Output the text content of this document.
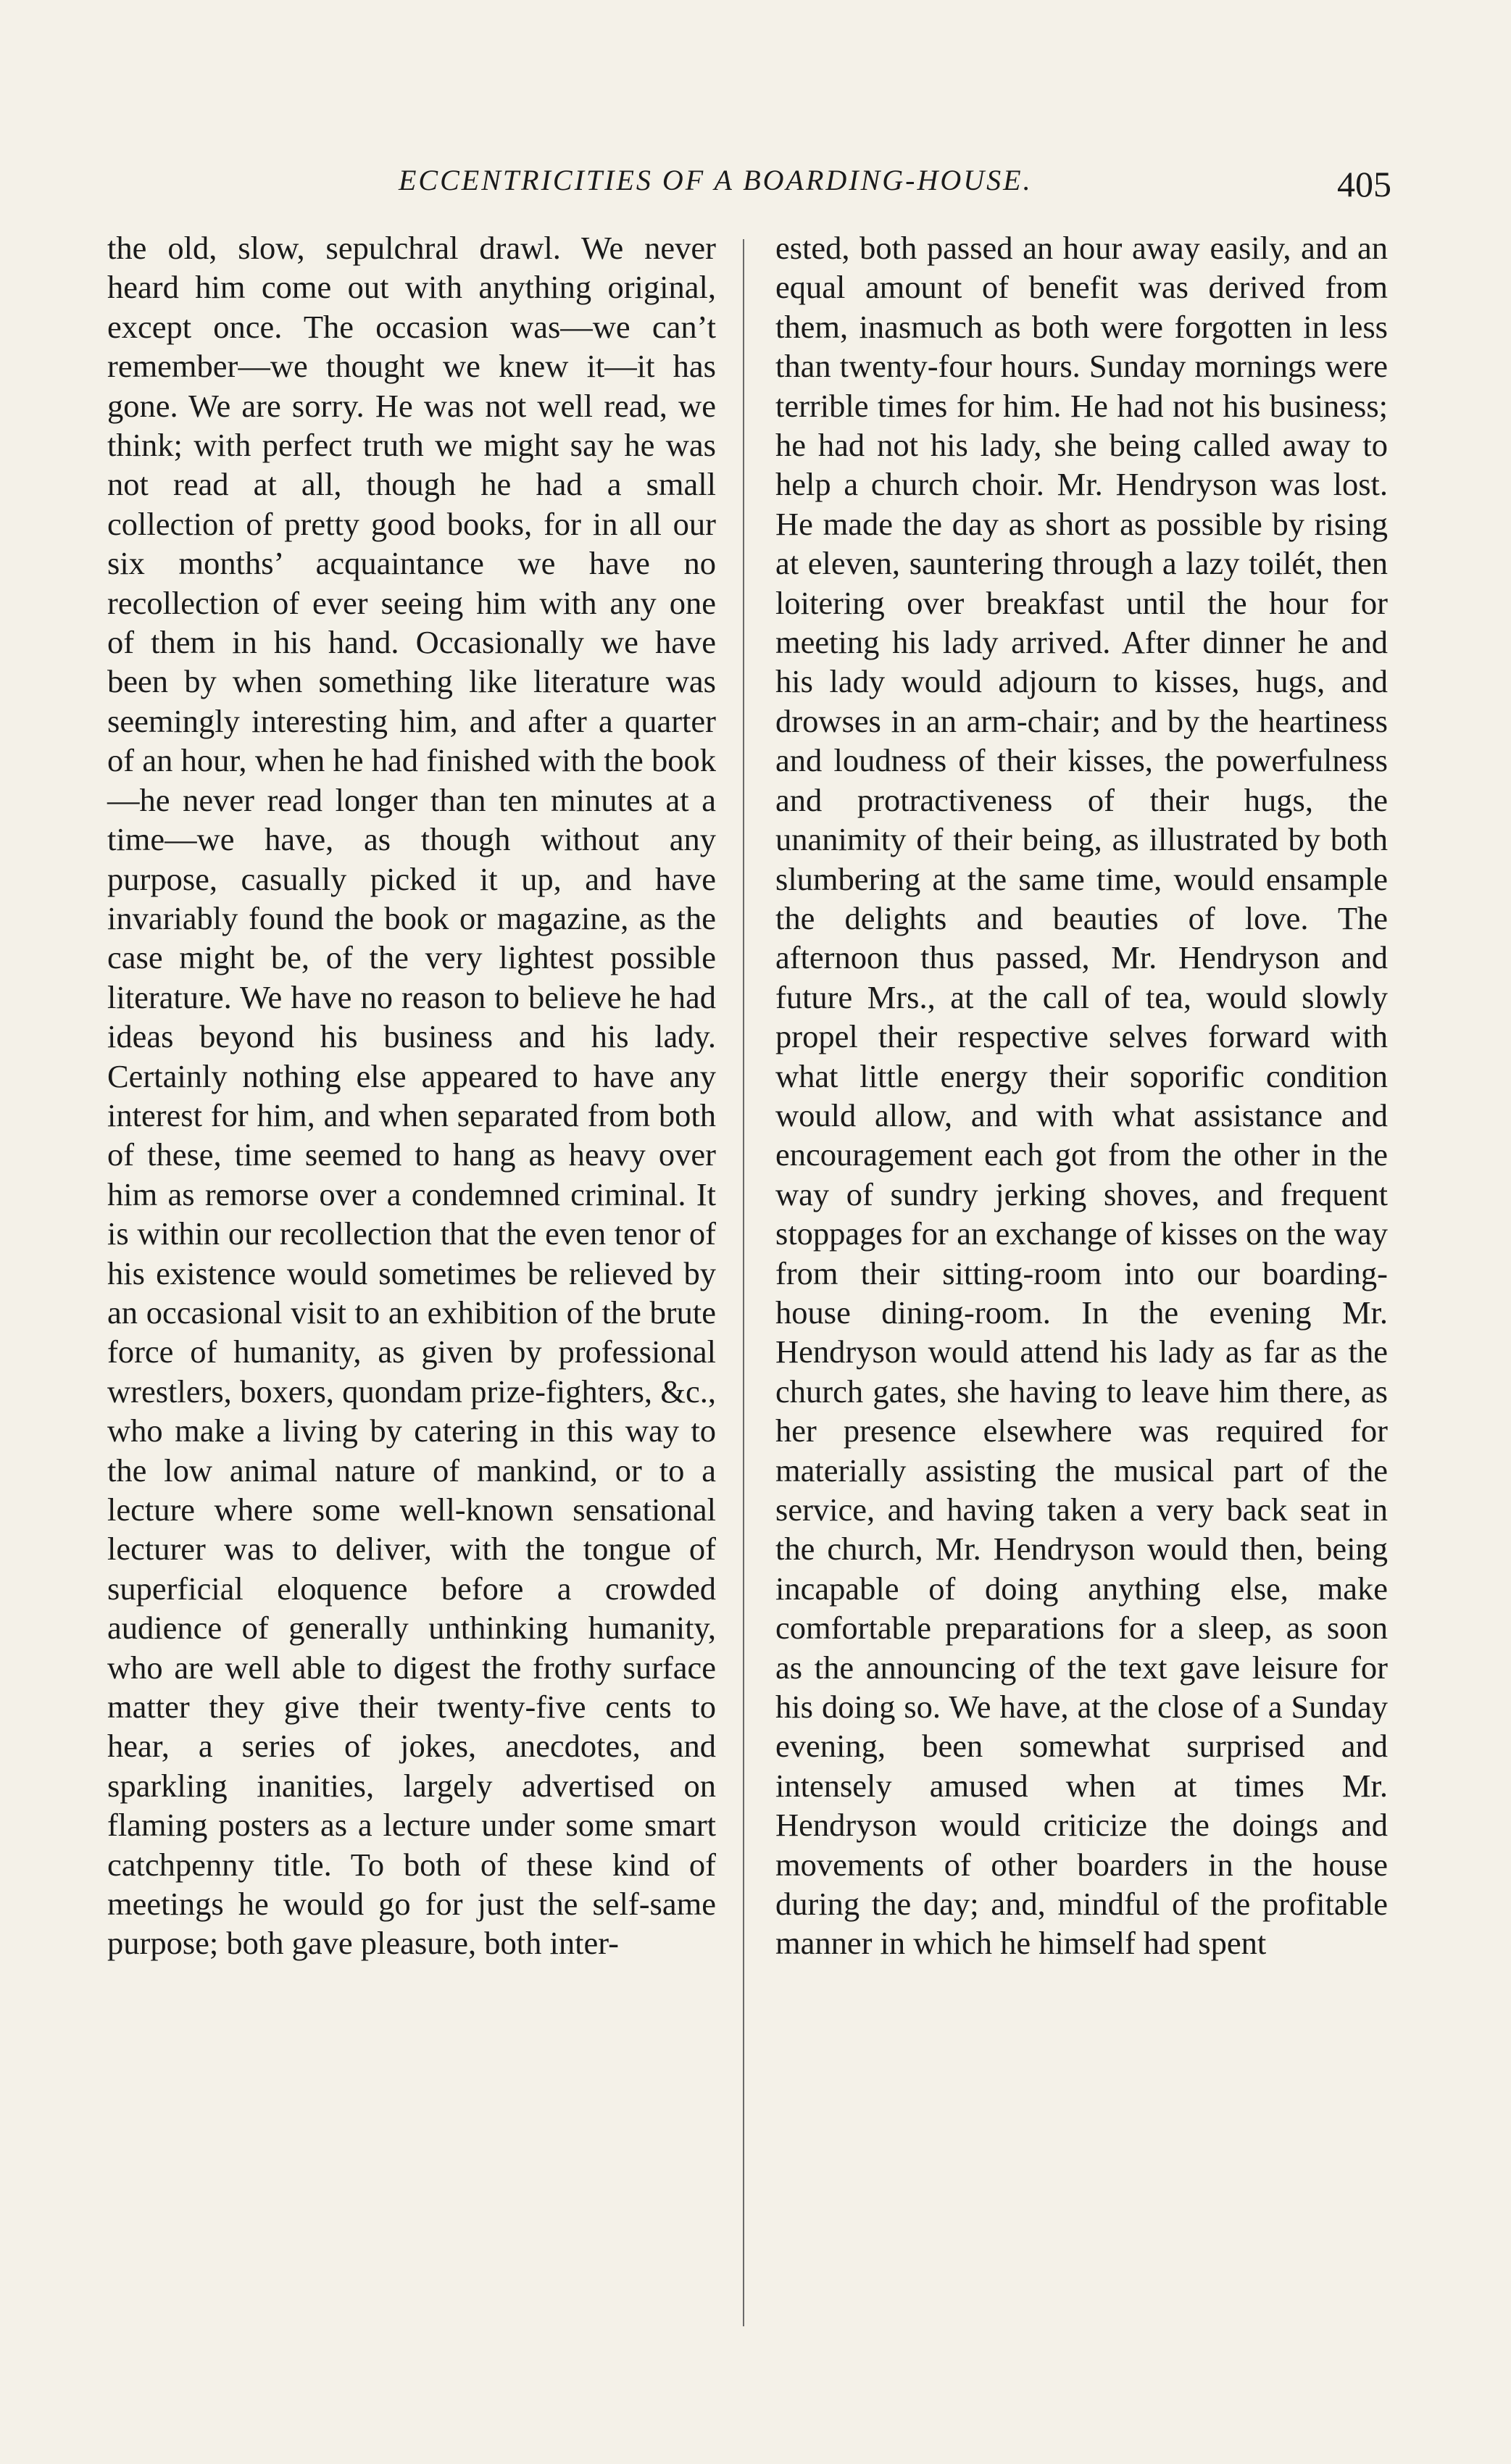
ECCENTRICITIES OF A BOARDING-HOUSE.	405

the old, slow, sepulchral drawl. We never heard him come out with anything original, except once. The occasion was—we can’t remember—we thought we knew it—it has gone. We are sorry. He was not well read, we think; with perfect truth we might say he was not read at all, though he had a small collection of pretty good books, for in all our six months’ acquaintance we have no recollection of ever seeing him with any one of them in his hand. Occasionally we have been by when something like literature was seemingly interesting him, and after a quarter of an hour, when he had finished with the book—he never read longer than ten minutes at a time—we have, as though without any purpose, casually picked it up, and have invariably found the book or magazine, as the case might be, of the very lightest possible literature. We have no reason to believe he had ideas beyond his business and his lady. Certainly nothing else appeared to have any interest for him, and when separated from both of these, time seemed to hang as heavy over him as remorse over a condemned criminal. It is within our recollection that the even tenor of his existence would sometimes be relieved by an occasional visit to an exhibition of the brute force of humanity, as given by professional wrestlers, boxers, quondam prize-fighters, &c., who make a living by catering in this way to the low animal nature of mankind, or to a lecture where some well-known sensational lecturer was to deliver, with the tongue of superficial eloquence before a crowded audience of generally unthinking humanity, who are well able to digest the frothy surface matter they give their twenty-five cents to hear, a series of jokes, anecdotes, and sparkling inanities, largely advertised on flaming posters as a lecture under some smart catchpenny title. To both of these kind of meetings he would go for just the self-same purpose; both gave pleasure, both inter-

ested, both passed an hour away easily, and an equal amount of benefit was derived from them, inasmuch as both were forgotten in less than twenty-four hours. Sunday mornings were terrible times for him. He had not his business; he had not his lady, she being called away to help a church choir. Mr. Hendryson was lost. He made the day as short as possible by rising at eleven, sauntering through a lazy toilét, then loitering over breakfast until the hour for meeting his lady arrived. After dinner he and his lady would adjourn to kisses, hugs, and drowses in an arm-chair; and by the heartiness and loudness of their kisses, the powerfulness and protractiveness of their hugs, the unanimity of their being, as illustrated by both slumbering at the same time, would ensample the delights and beauties of love. The afternoon thus passed, Mr. Hendryson and future Mrs., at the call of tea, would slowly propel their respective selves forward with what little energy their soporific condition would allow, and with what assistance and encouragement each got from the other in the way of sundry jerking shoves, and frequent stoppages for an exchange of kisses on the way from their sitting-room into our boarding-house dining-room. In the evening Mr. Hendryson would attend his lady as far as the church gates, she having to leave him there, as her presence elsewhere was required for materially assisting the musical part of the service, and having taken a very back seat in the church, Mr. Hendryson would then, being incapable of doing anything else, make comfortable preparations for a sleep, as soon as the announcing of the text gave leisure for his doing so. We have, at the close of a Sunday evening, been somewhat surprised and intensely amused when at times Mr. Hendryson would criticize the doings and movements of other boarders in the house during the day; and, mindful of the profitable manner in which he himself had spent
